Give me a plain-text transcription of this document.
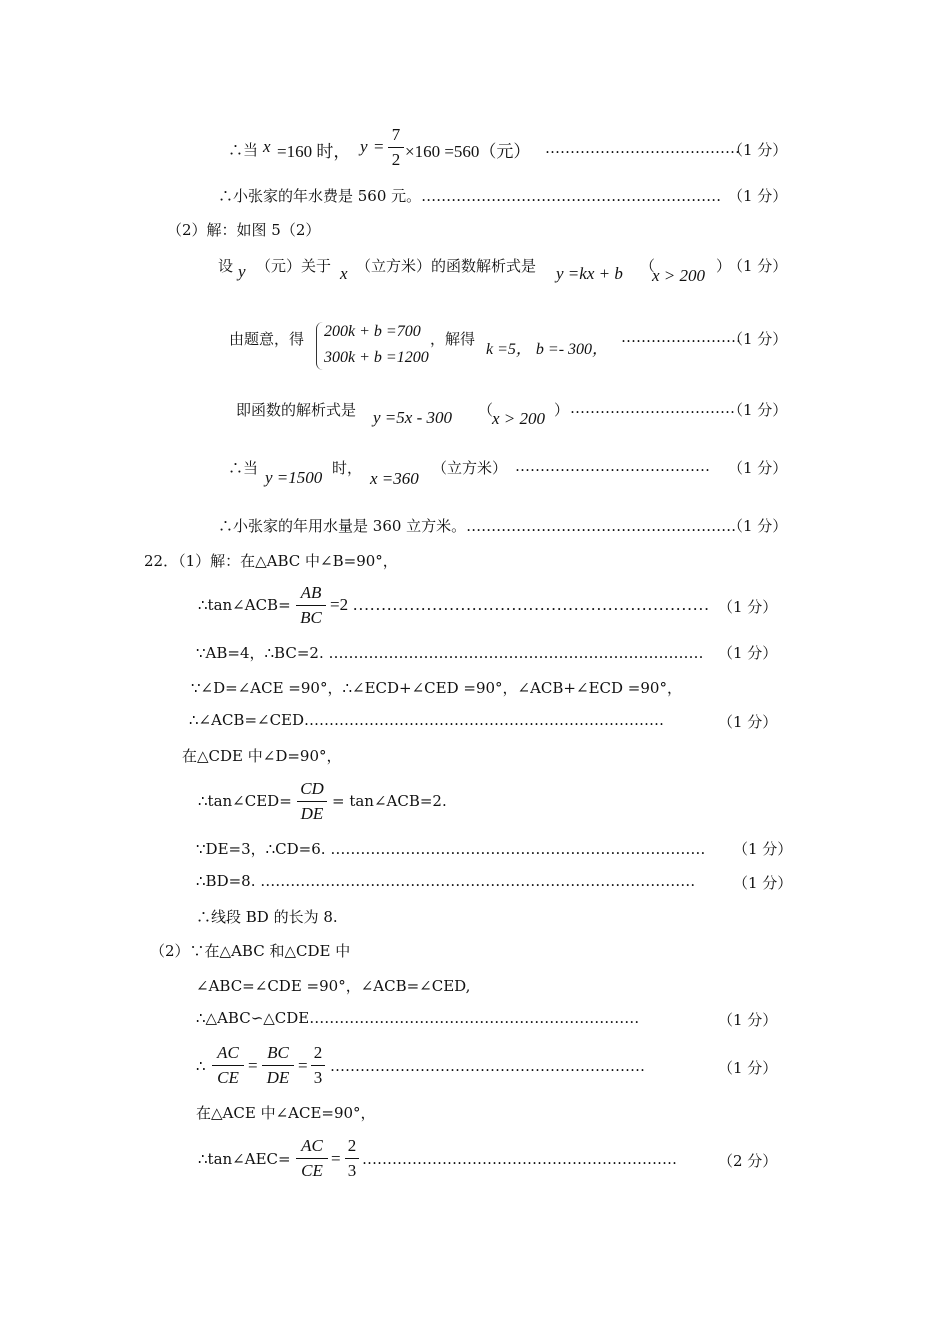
∴当 x =160 时， y =
7
2 ×160 =560（元） …………………………………
（1 分）
∴小张家的年水费是 560 元。…………………………………………………… （1 分）
（2）解：如图 5（2）
设 y （元）关于 x （立方米）的函数解析式是 y =kx + b （
x > 200 ）
（1 分）
由题意，得 200k + b =700
300k + b =1200
，解得
k =5， b =- 300，
……………………
（1 分）
即函数的解析式是 y =5x - 300 （
x > 200 ） ……………………………
（1 分）
∴当 y =1500 时，
x =360
（立方米） ………………………………… （1 分）
∴小张家的年用水量是 360 立方米。………………………………………………
（1 分）
22．（1）解：在△ABC 中∠B=90°，
∴tan∠ACB=
AB
BC
=2 ……………………………………………………… （1 分）
∵AB=4，∴BC=2. ………………………………………………………………… （1 分）
∵∠D=∠ACE =90°，∴∠ECD+∠CED =90°，∠ACB+∠ECD =90°，
∴∠ACB=∠CED………………………………………………………………	（1 分）
在△CDE 中∠D=90°，
∴tan∠CED=
CD
DE
= tan∠ACB=2.
∵DE=3，∴CD=6. ………………………………………………………………… （1 分）
∴BD=8. ……………………………………………………………………………	（1 分）
∴线段 BD 的长为 8.
（2）∵在△ABC 和△CDE 中
∠ABC=∠CDE =90°，∠ACB=∠CED,
∴△ABC∽△CDE…………………………………………………………	（1 分）
∴
AC
CE
=
BC
DE
=
2
3
………………………………………………………	（1 分）
在△ACE 中∠ACE=90°，
∴tan∠AEC=
AC
CE
=
2
3
………………………………………………………	（2 分）
